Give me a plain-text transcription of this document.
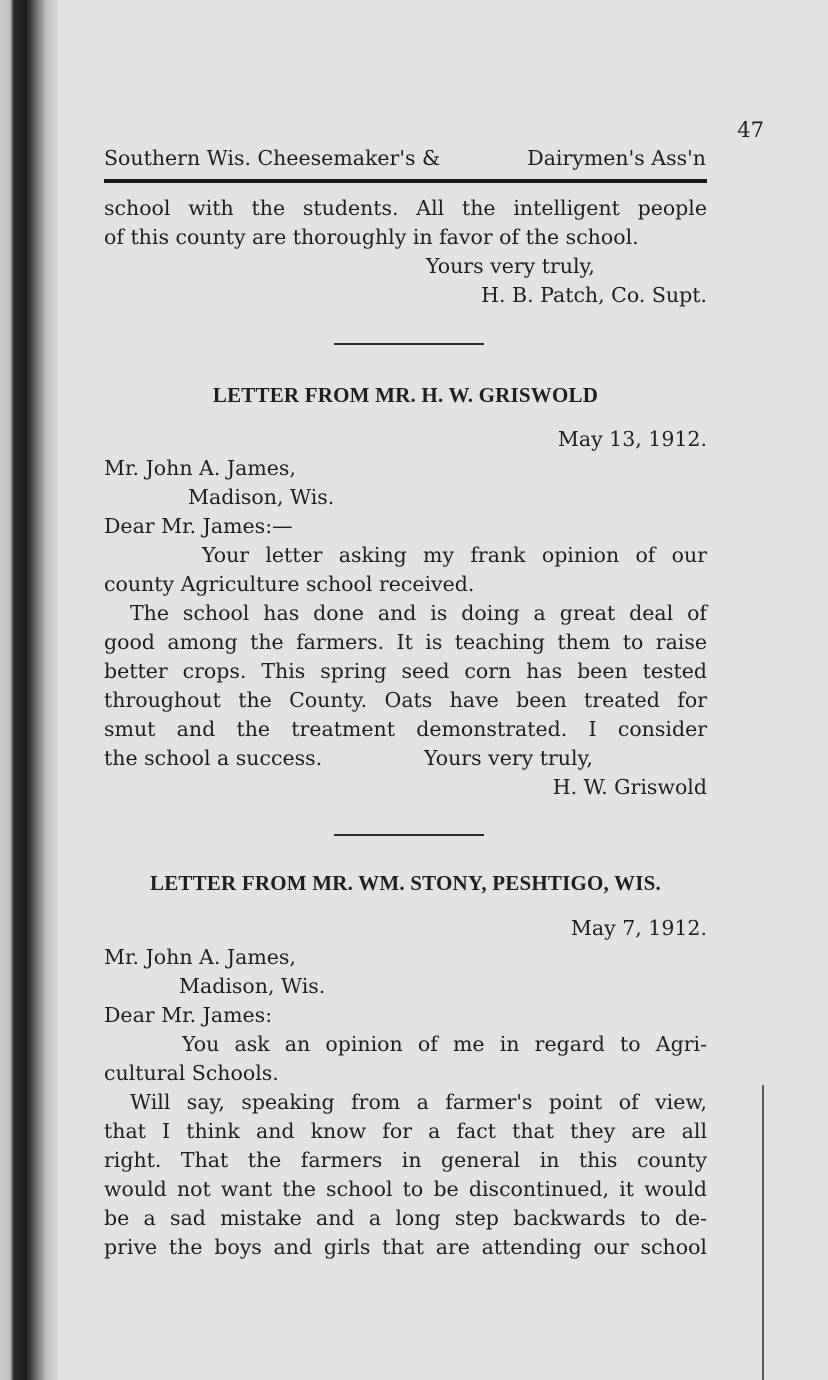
47
Southern Wis. Cheesemaker's &	Dairymen's Ass'n
school with the students. All the intelligent people
of this county are thoroughly in favor of the school.
Yours very truly,
H. B. Patch, Co. Supt.
LETTER FROM MR. H. W. GRISWOLD
May 13, 1912.
Mr. John A. James,
Madison, Wis.
Dear Mr. James:—
Your letter asking my frank opinion of our
county Agriculture school received.
The school has done and is doing a great deal of
good among the farmers. It is teaching them to raise
better crops. This spring seed corn has been tested
throughout the County. Oats have been treated for
smut and the treatment demonstrated. I consider
the school a success.	Yours very truly,
H. W. Griswold
LETTER FROM MR. WM. STONY, PESHTIGO, WIS.
May 7, 1912.
Mr. John A. James,
Madison, Wis.
Dear Mr. James:
You ask an opinion of me in regard to Agri-
cultural Schools.
Will say, speaking from a farmer's point of view,
that I think and know for a fact that they are all
right. That the farmers in general in this county
would not want the school to be discontinued, it would
be a sad mistake and a long step backwards to de-
prive the boys and girls that are attending our school
